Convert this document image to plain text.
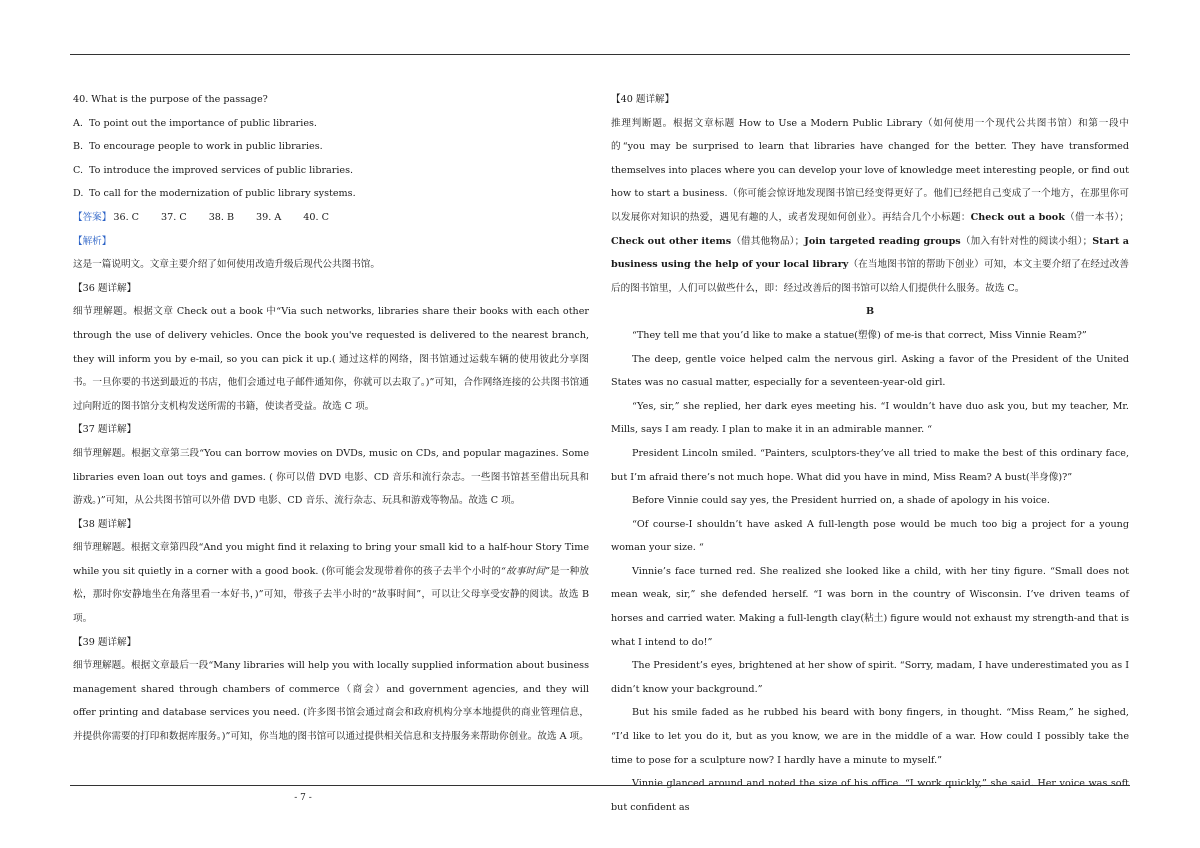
40. What is the purpose of the passage?

A. To point out the importance of public libraries.

B. To encourage people to work in public libraries.

C. To introduce the improved services of public libraries.

D. To call for the modernization of public library systems.

【答案】 36. C 37. C 38. B 39. A 40. C

【解析】

这是一篇说明文。文章主要介绍了如何使用改造升级后现代公共图书馆。

【36 题详解】

细节理解题。根据文章 Check out a book 中“Via such networks, libraries share their books with each other through the use of delivery vehicles. Once the book you've requested is delivered to the nearest branch, they will inform you by e-mail, so you can pick it up.( 通过这样的网络，图书馆通过运载车辆的使用彼此分享图书。一旦你要的书送到最近的书店，他们会通过电子邮件通知你，你就可以去取了。)”可知，合作网络连接的公共图书馆通过向附近的图书馆分支机构发送所需的书籍，使读者受益。故选 C 项。

【37 题详解】

细节理解题。根据文章第三段“You can borrow movies on DVDs, music on CDs, and popular magazines. Some libraries even loan out toys and games. ( 你可以借 DVD 电影、CD 音乐和流行杂志。一些图书馆甚至借出玩具和游戏。)”可知，从公共图书馆可以外借 DVD 电影、CD 音乐、流行杂志、玩具和游戏等物品。故选 C 项。

【38 题详解】

细节理解题。根据文章第四段“And you might find it relaxing to bring your small kid to a half-hour Story Time while you sit quietly in a corner with a good book. (你可能会发现带着你的孩子去半个小时的“故事时间”是一种放松，那时你安静地坐在角落里看一本好书，)”可知，带孩子去半小时的“故事时间”，可以让父母享受安静的阅读。故选 B 项。

【39 题详解】

细节理解题。根据文章最后一段“Many libraries will help you with locally supplied information about business management shared through chambers of commerce（商会）and government agencies, and they will offer printing and database services you need. (许多图书馆会通过商会和政府机构分享本地提供的商业管理信息，并提供你需要的打印和数据库服务。)”可知，你当地的图书馆可以通过提供相关信息和支持服务来帮助你创业。故选 A 项。

【40 题详解】

推理判断题。根据文章标题 How to Use a Modern Public Library（如何使用一个现代公共图书馆）和第一段中的“you may be surprised to learn that libraries have changed for the better. They have transformed themselves into places where you can develop your love of knowledge meet interesting people, or find out how to start a business.（你可能会惊讶地发现图书馆已经变得更好了。他们已经把自己变成了一个地方，在那里你可以发展你对知识的热爱，遇见有趣的人，或者发现如何创业）。再结合几个小标题：Check out a book（借一本书）；Check out other items（借其他物品）；Join targeted reading groups（加入有针对性的阅读小组）；Start a business using the help of your local library（在当地图书馆的帮助下创业）可知，本文主要介绍了在经过改善后的图书馆里，人们可以做些什么，即：经过改善后的图书馆可以给人们提供什么服务。故选 C。

B

“They tell me that you’d like to make a statue(塑像) of me-is that correct, Miss Vinnie Ream?”

The deep, gentle voice helped calm the nervous girl. Asking a favor of the President of the United States was no casual matter, especially for a seventeen-year-old girl.

“Yes, sir,” she replied, her dark eyes meeting his. “I wouldn’t have duo ask you, but my teacher, Mr. Mills, says I am ready. I plan to make it in an admirable manner. “

President Lincoln smiled. “Painters, sculptors-they’ve all tried to make the best of this ordinary face, but I’m afraid there’s not much hope. What did you have in mind, Miss Ream? A bust(半身像)?”

Before Vinnie could say yes, the President hurried on, a shade of apology in his voice.

“Of course-I shouldn’t have asked A full-length pose would be much too big a project for a young woman your size. “

Vinnie’s face turned red. She realized she looked like a child, with her tiny figure. “Small does not mean weak, sir,” she defended herself. “I was born in the country of Wisconsin. I’ve driven teams of horses and carried water. Making a full-length clay(粘土) figure would not exhaust my strength-and that is what I intend to do!”

The President’s eyes, brightened at her show of spirit. “Sorry, madam, I have underestimated you as I didn’t know your background.”

But his smile faded as he rubbed his beard with bony fingers, in thought. “Miss Ream,” he sighed, “I’d like to let you do it, but as you know, we are in the middle of a war. How could I possibly take the time to pose for a sculpture now? I hardly have a minute to myself.”

Vinnie glanced around and noted the size of his office. “I work quickly,” she said. Her voice was soft but confident as

- 7 -
